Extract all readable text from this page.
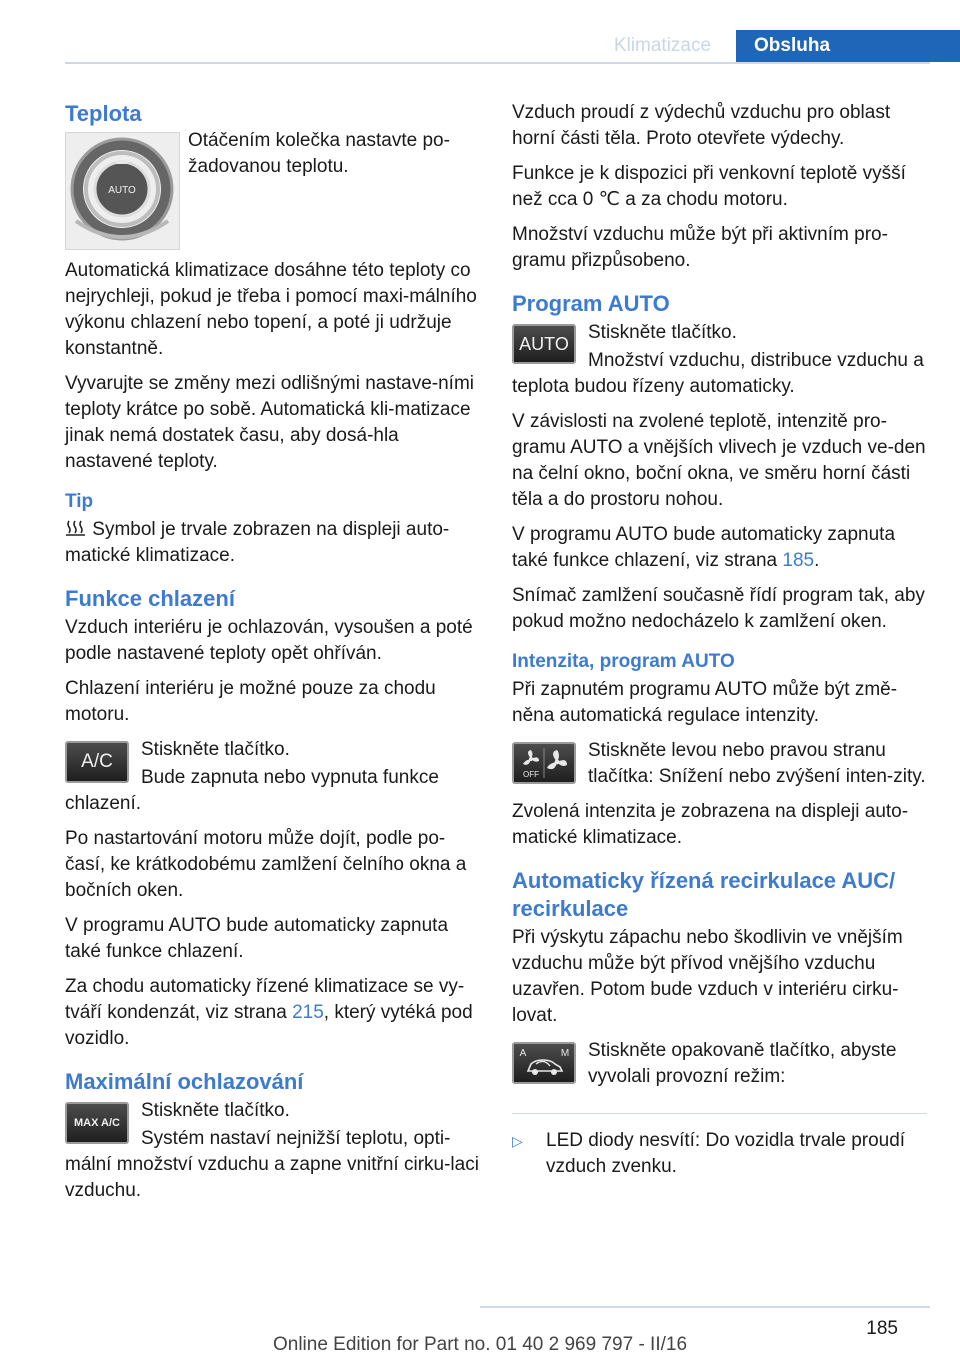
Klimatizace	Obsluha
Teplota
AUTO

Otáčením kolečka nastavte po‐žadovanou teplotu.

Automatická klimatizace dosáhne této teploty co nejrychleji, pokud je třeba i pomocí maxi‐málního výkonu chlazení nebo topení, a poté ji udržuje konstantně.

Vyvarujte se změny mezi odlišnými nastave‐ními teploty krátce po sobě. Automatická kli‐matizace jinak nemá dostatek času, aby dosá‐hla nastavené teploty.

Tip

Symbol je trvale zobrazen na displeji auto‐matické klimatizace.

Funkce chlazení

Vzduch interiéru je ochlazován, vysoušen a poté podle nastavené teploty opět ohříván.

Chlazení interiéru je možné pouze za chodu motoru.

A/C

Stiskněte tlačítko.

Bude zapnuta nebo vypnuta funkce chlazení.

Po nastartování motoru může dojít, podle po‐časí, ke krátkodobému zamlžení čelního okna a bočních oken.

V programu AUTO bude automaticky zapnuta také funkce chlazení.

Za chodu automaticky řízené klimatizace se vy‐tváří kondenzát, viz strana 215, který vytéká pod vozidlo.

Maximální ochlazování
MAX A/C

Stiskněte tlačítko.

Systém nastaví nejnižší teplotu, opti‐mální množství vzduchu a zapne vnitřní cirku‐laci vzduchu.

Vzduch proudí z výdechů vzduchu pro oblast horní části těla. Proto otevřete výdechy.

Funkce je k dispozici při venkovní teplotě vyšší než cca 0 ℃ a za chodu motoru.

Množství vzduchu může být při aktivním pro‐gramu přizpůsobeno.

Program AUTO
AUTO

Stiskněte tlačítko.

Množství vzduchu, distribuce vzduchu a teplota budou řízeny automaticky.

V závislosti na zvolené teplotě, intenzitě pro‐gramu AUTO a vnějších vlivech je vzduch ve‐den na čelní okno, boční okna, ve směru horní části těla a do prostoru nohou.

V programu AUTO bude automaticky zapnuta také funkce chlazení, viz strana 185.

Snímač zamlžení současně řídí program tak, aby pokud možno nedocházelo k zamlžení oken.

Intenzita, program AUTO

Při zapnutém programu AUTO může být změ‐něna automatická regulace intenzity.

OFF

Stiskněte levou nebo pravou stranu tlačítka: Snížení nebo zvýšení inten‐zity.

Zvolená intenzita je zobrazena na displeji auto‐matické klimatizace.

Automaticky řízená recirkulace AUC/ recirkulace

Při výskytu zápachu nebo škodlivin ve vnějším vzduchu může být přívod vnějšího vzduchu uzavřen. Potom bude vzduch v interiéru cirku‐lovat.

A	M Stiskněte opakovaně tlačítko, abyste vyvolali provozní režim:

▷	LED diody nesvítí: Do vozidla trvale proudí vzduch zvenku.
185
Online Edition for Part no. 01 40 2 969 797 - II/16
